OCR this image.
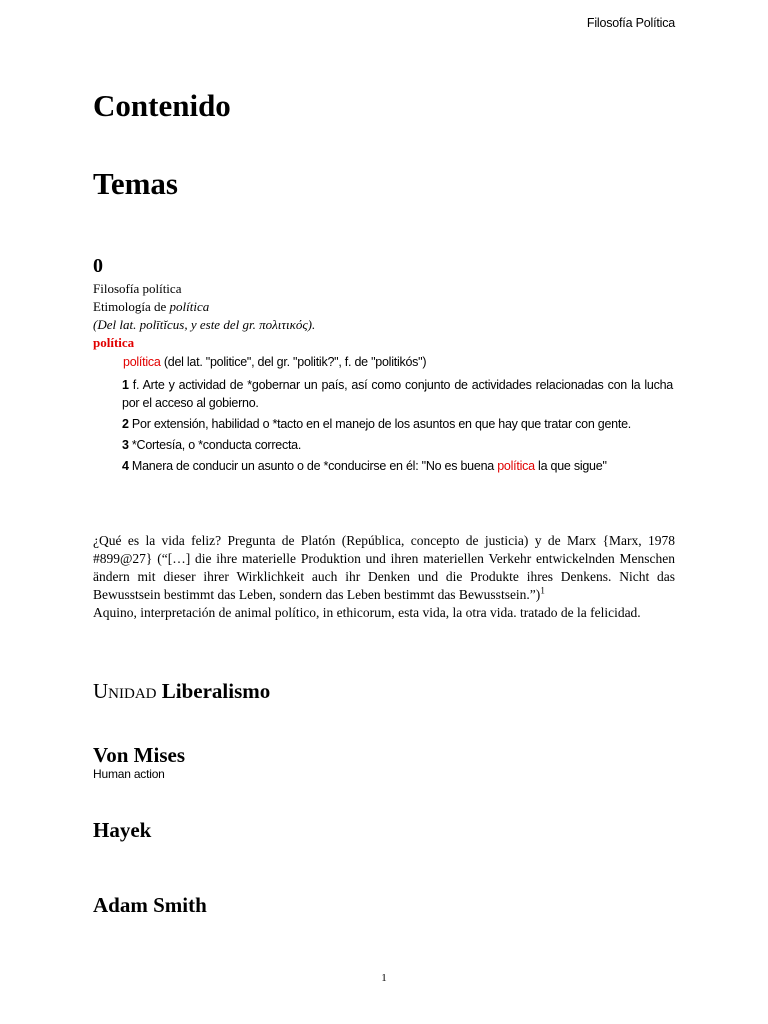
Filosofía Política
Contenido
Temas
0
Filosofía política
Etimología de política
(Del lat. polītĭcus, y este del gr. πολιτικός).
política
política (del lat. "politice", del gr. "politik?", f. de "politikós")
1 f. Arte y actividad de *gobernar un país, así como conjunto de actividades relacionadas con la lucha por el acceso al gobierno.
2 Por extensión, habilidad o *tacto en el manejo de los asuntos en que hay que tratar con gente.
3 *Cortesía, o *conducta correcta.
4 Manera de conducir un asunto o de *conducirse en él: "No es buena política la que sigue"

¿Qué es la vida feliz? Pregunta de Platón (República, concepto de justicia) y de Marx {Marx, 1978 #899@27} (“[…] die ihre materielle Produktion und ihren materiellen Verkehr entwickelnden Menschen ändern mit dieser ihrer Wirklichkeit auch ihr Denken und die Produkte ihres Denkens. Nicht das Bewusstsein bestimmt das Leben, sondern das Leben bestimmt das Bewusstsein.”)$^1$

Aquino, interpretación de animal político, in ethicorum, esta vida, la otra vida. tratado de la felicidad.

Unidad Liberalismo
Von Mises
Human action
Hayek
Adam Smith
1
